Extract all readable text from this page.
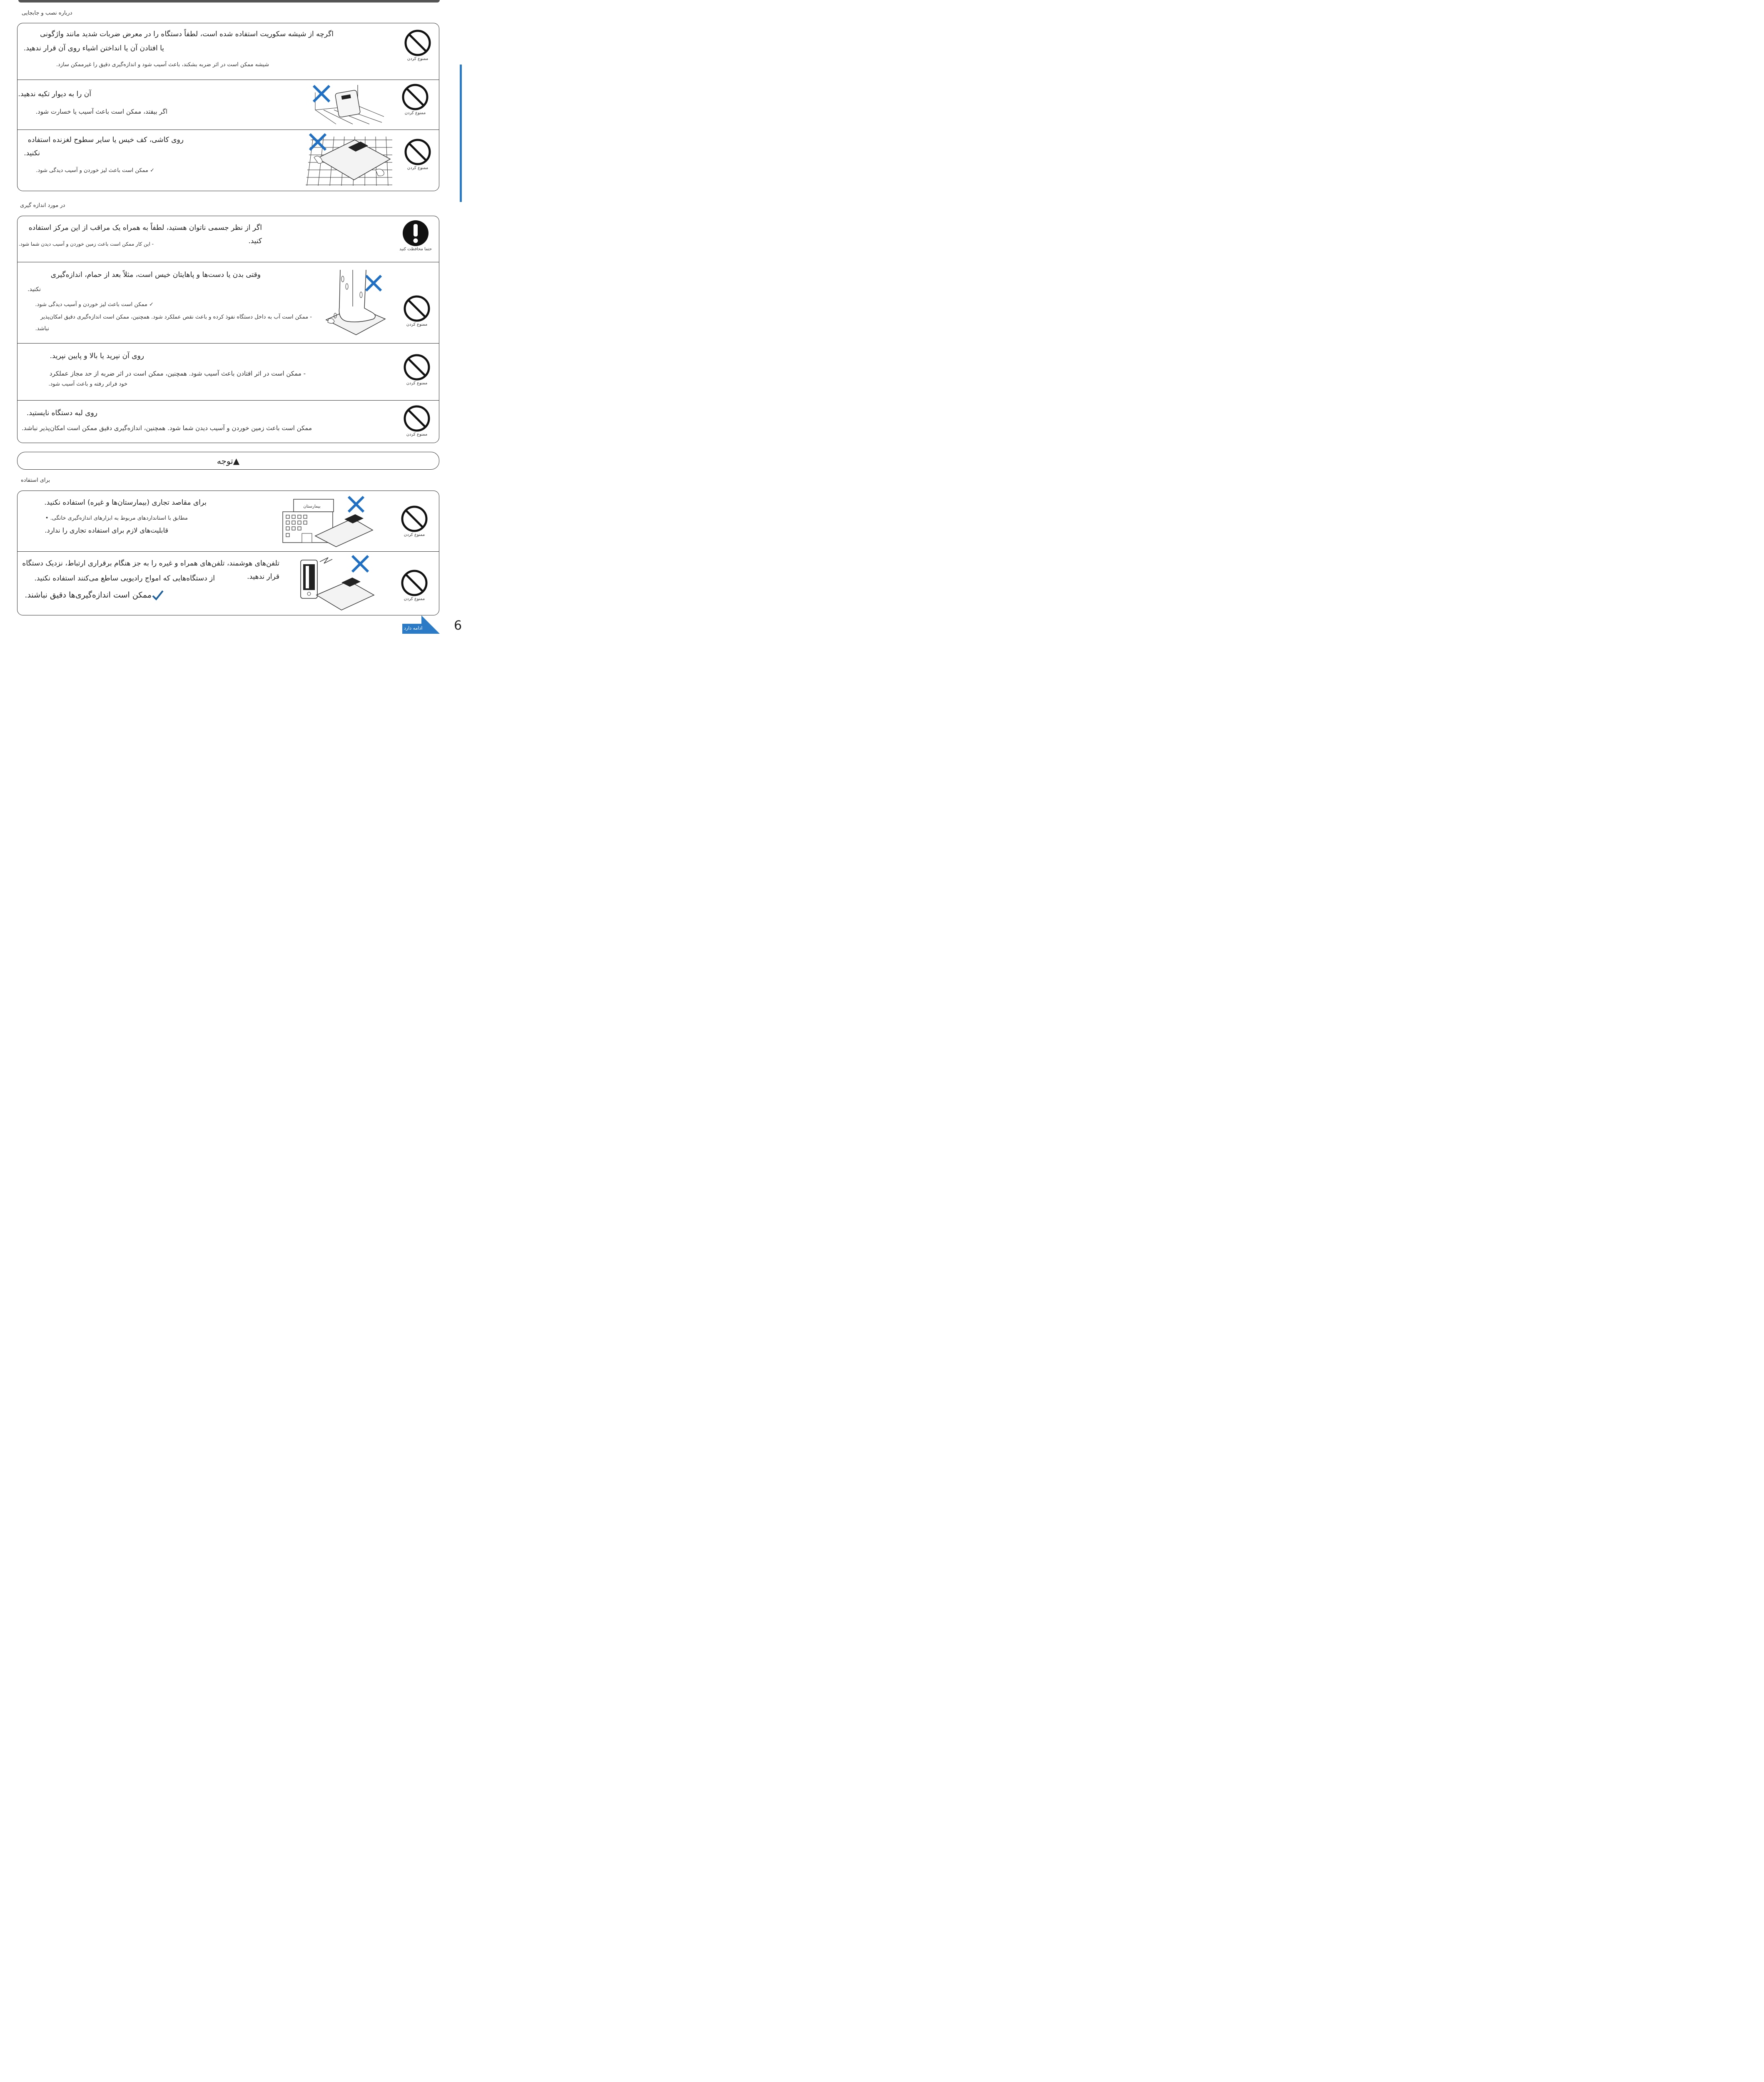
درباره نصب و جابجایی
اگرچه از شیشه سکوریت استفاده شده است، لطفاً دستگاه را در معرض ضربات شدید مانند واژگونی
یا افتادن آن یا انداختن اشیاء روی آن قرار ندهید.
شیشه ممکن است در اثر ضربه بشکند، باعث آسیب شود و اندازه‌گیری دقیق را غیرممکن سازد.
ممنوع کردن
آن را به دیوار تکیه ندهید.
اگر بیفتد، ممکن است باعث آسیب یا خسارت شود.	ممنوع کردن
روی کاشی، کف خیس یا سایر سطوح لغزنده استفاده
نکنید.
✓ ممکن است باعث لیز خوردن و آسیب دیدگی شود.	ممنوع کردن
در مورد اندازه گیری
اگر از نظر جسمی ناتوان هستید، لطفاً به همراه یک مراقب از این مرکز استفاده کنید.
- این کار ممکن است باعث زمین خوردن و آسیب دیدن شما شود.
حتما محافظت کنید
وقتی بدن یا دست‌ها و پاهایتان خیس است، مثلاً بعد از حمام، اندازه‌گیری
نکنید.
✓ ممکن است باعث لیز خوردن و آسیب دیدگی شود.
- ممکن است آب به داخل دستگاه نفوذ کرده و باعث نقص عملکرد شود. همچنین، ممکن است اندازه‌گیری دقیق امکان‌پذیر
نباشد.
ممنوع کردن
روی آن نپرید یا بالا و پایین نپرید.
- ممکن است در اثر افتادن باعث آسیب شود. همچنین، ممکن است در اثر ضربه از حد مجاز عملکرد
خود فراتر رفته و باعث آسیب شود.	ممنوع کردن
روی لبه دستگاه نایستید.
ممکن است باعث زمین خوردن و آسیب دیدن شما شود. همچنین، اندازه‌گیری دقیق ممکن است امکان‌پذیر نباشد.
ممنوع کردن
▲توجه
برای استفاده
برای مقاصد تجاری (بیمارستان‌ها و غیره) استفاده نکنید.
مطابق با استانداردهای مربوط به ابزارهای اندازه‌گیری خانگی. •
قابلیت‌های لازم برای استفاده تجاری را ندارد.
بیمارستان
ممنوع کردن
تلفن‌های هوشمند، تلفن‌های همراه و غیره را به جز هنگام برقراری ارتباط، نزدیک دستگاه قرار ندهید.
از دستگاه‌هایی که امواج رادیویی ساطع می‌کنند استفاده نکنید.
ممکن است اندازه‌گیری‌ها دقیق نباشند.	ممنوع کردن
ادامه دارد	6
